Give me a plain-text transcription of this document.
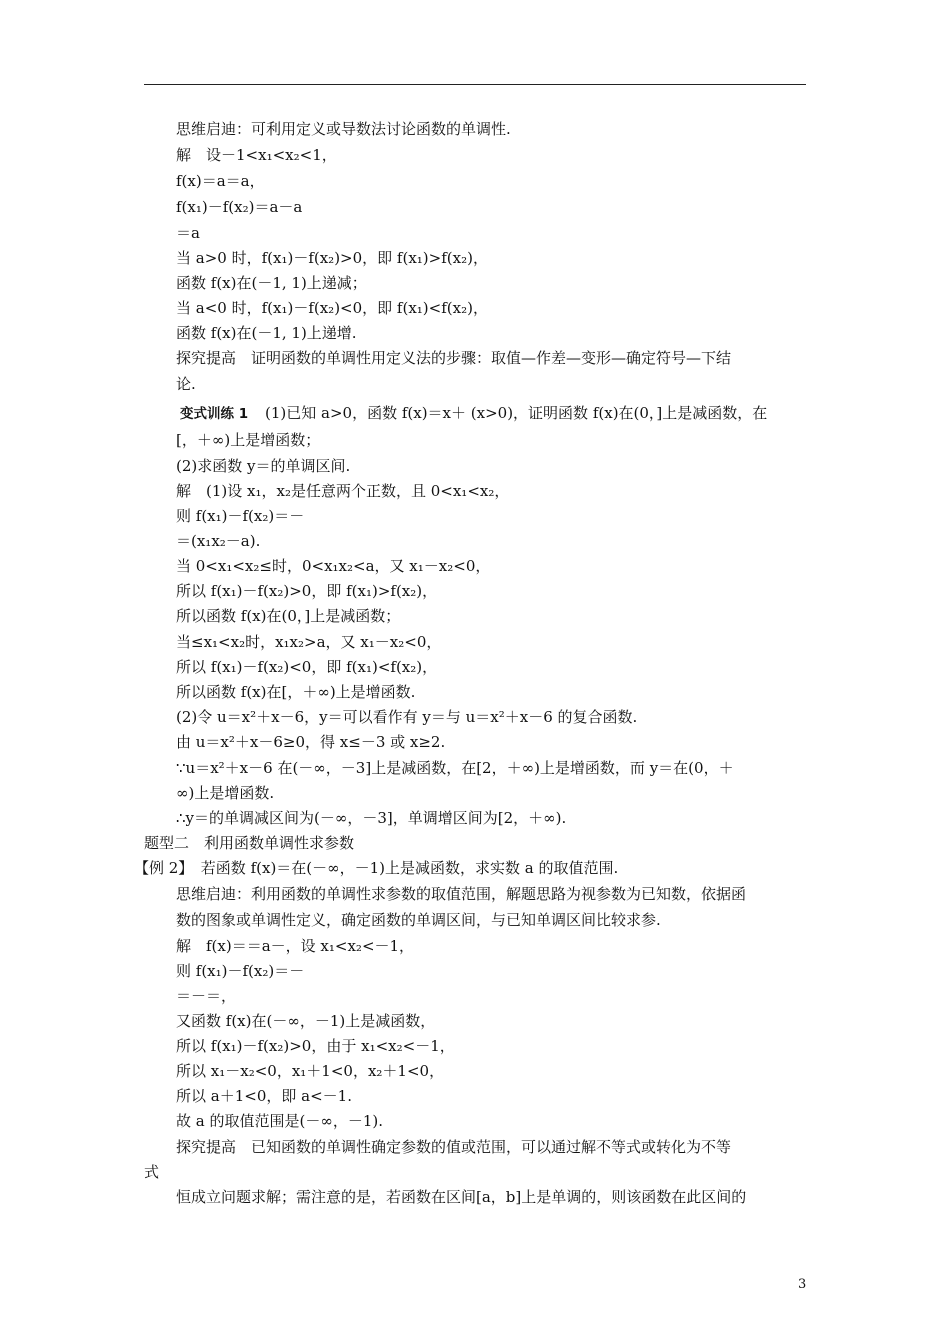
思维启迪：可利用定义或导数法讨论函数的单调性.
解　设－1<x₁<x₂<1，
f(x)＝a＝a，
f(x₁)－f(x₂)＝a－a
＝a
当 a>0 时，f(x₁)－f(x₂)>0，即 f(x₁)>f(x₂)，
函数 f(x)在(－1, 1)上递减；
当 a<0 时，f(x₁)－f(x₂)<0，即 f(x₁)<f(x₂)，
函数 f(x)在(－1, 1)上递增.
探究提高　证明函数的单调性用定义法的步骤：取值—作差—变形—确定符号—下结
论.
变式训练 1 (1)已知 a>0，函数 f(x)＝x＋ (x>0)，证明函数 f(x)在(0，]上是减函数，在
[，＋∞)上是增函数；
(2)求函数 y＝的单调区间.
解　(1)设 x₁，x₂是任意两个正数，且 0<x₁<x₂，
则 f(x₁)－f(x₂)＝－
＝(x₁x₂－a).
当 0<x₁<x₂≤时，0<x₁x₂<a，又 x₁－x₂<0，
所以 f(x₁)－f(x₂)>0，即 f(x₁)>f(x₂)，
所以函数 f(x)在(0，]上是减函数；
当≤x₁<x₂时，x₁x₂>a，又 x₁－x₂<0，
所以 f(x₁)－f(x₂)<0，即 f(x₁)<f(x₂)，
所以函数 f(x)在[，＋∞)上是增函数.
(2)令 u＝x²＋x－6，y＝可以看作有 y＝与 u＝x²＋x－6 的复合函数.
由 u＝x²＋x－6≥0，得 x≤－3 或 x≥2.
∵u＝x²＋x－6 在(－∞，－3]上是减函数，在[2，＋∞)上是增函数，而 y＝在(0，＋
∞)上是增函数.
∴y＝的单调减区间为(－∞，－3]，单调增区间为[2，＋∞).
题型二　利用函数单调性求参数
【例 2】　若函数 f(x)＝在(－∞，－1)上是减函数，求实数 a 的取值范围.
思维启迪：利用函数的单调性求参数的取值范围，解题思路为视参数为已知数，依据函
数的图象或单调性定义，确定函数的单调区间，与已知单调区间比较求参.
解　f(x)＝＝a－，设 x₁<x₂<－1，
则 f(x₁)－f(x₂)＝－
＝－＝，
又函数 f(x)在(－∞，－1)上是减函数，
所以 f(x₁)－f(x₂)>0，由于 x₁<x₂<－1，
所以 x₁－x₂<0，x₁＋1<0，x₂＋1<0，
所以 a＋1<0，即 a<－1.
故 a 的取值范围是(－∞，－1).
探究提高　已知函数的单调性确定参数的值或范围，可以通过解不等式或转化为不等
式
恒成立问题求解；需注意的是，若函数在区间[a，b]上是单调的，则该函数在此区间的
3
